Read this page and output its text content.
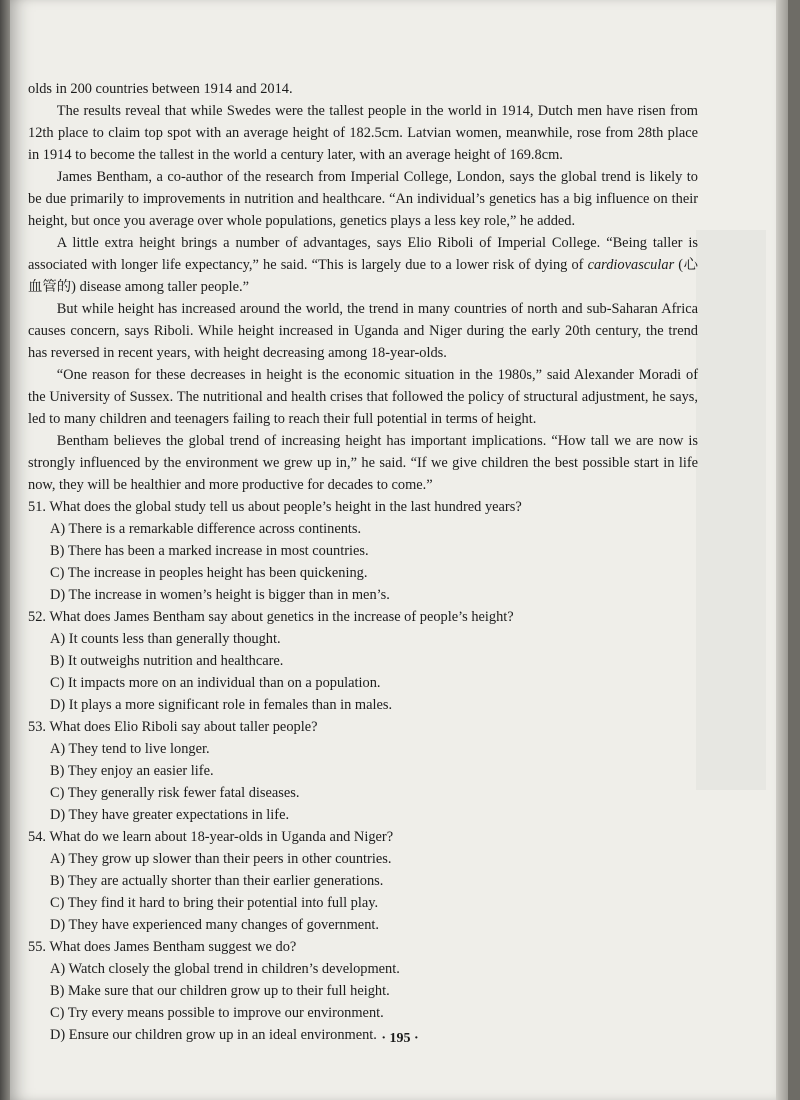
olds in 200 countries between 1914 and 2014.

The results reveal that while Swedes were the tallest people in the world in 1914, Dutch men have risen from 12th place to claim top spot with an average height of 182.5cm. Latvian women, meanwhile, rose from 28th place in 1914 to become the tallest in the world a century later, with an average height of 169.8cm.

James Bentham, a co-author of the research from Imperial College, London, says the global trend is likely to be due primarily to improvements in nutrition and healthcare. “An individual’s genetics has a big influence on their height, but once you average over whole populations, genetics plays a less key role,” he added.

A little extra height brings a number of advantages, says Elio Riboli of Imperial College. “Being taller is associated with longer life expectancy,” he said. “This is largely due to a lower risk of dying of cardiovascular (心血管的) disease among taller people.”

But while height has increased around the world, the trend in many countries of north and sub-Saharan Africa causes concern, says Riboli. While height increased in Uganda and Niger during the early 20th century, the trend has reversed in recent years, with height decreasing among 18-year-olds.

“One reason for these decreases in height is the economic situation in the 1980s,” said Alexander Moradi of the University of Sussex. The nutritional and health crises that followed the policy of structural adjustment, he says, led to many children and teenagers failing to reach their full potential in terms of height.

Bentham believes the global trend of increasing height has important implications. “How tall we are now is strongly influenced by the environment we grew up in,” he said. “If we give children the best possible start in life now, they will be healthier and more productive for decades to come.”

51. What does the global study tell us about people’s height in the last hundred years?

A) There is a remarkable difference across continents.

B) There has been a marked increase in most countries.

C) The increase in peoples height has been quickening.

D) The increase in women’s height is bigger than in men’s.

52. What does James Bentham say about genetics in the increase of people’s height?

A) It counts less than generally thought.

B) It outweighs nutrition and healthcare.

C) It impacts more on an individual than on a population.

D) It plays a more significant role in females than in males.

53. What does Elio Riboli say about taller people?

A) They tend to live longer.

B) They enjoy an easier life.

C) They generally risk fewer fatal diseases.

D) They have greater expectations in life.

54. What do we learn about 18-year-olds in Uganda and Niger?

A) They grow up slower than their peers in other countries.

B) They are actually shorter than their earlier generations.

C) They find it hard to bring their potential into full play.

D) They have experienced many changes of government.

55. What does James Bentham suggest we do?

A) Watch closely the global trend in children’s development.

B) Make sure that our children grow up to their full height.

C) Try every means possible to improve our environment.

D) Ensure our children grow up in an ideal environment. · 195 ·
